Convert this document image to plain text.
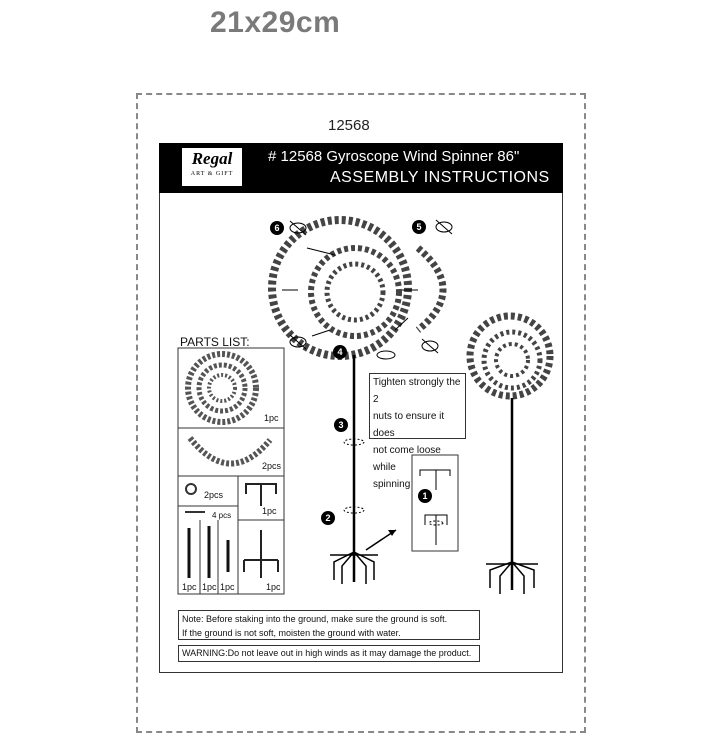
21x29cm
12568
Regal
ART & GIFT
# 12568 Gyroscope Wind Spinner 86"
ASSEMBLY INSTRUCTIONS
1
2
3
4
5
6
PARTS LIST:
1pc
2pcs
2pcs
4 pcs	1pc
1pc 1pc 1pc	1pc
Tighten strongly the 2
nuts to ensure it does
not come loose while
spinning
Note: Before staking into the ground, make sure the ground is soft.
If the ground is not soft, moisten the ground with water.
WARNING:Do not leave out in high winds as it may damage the product.
